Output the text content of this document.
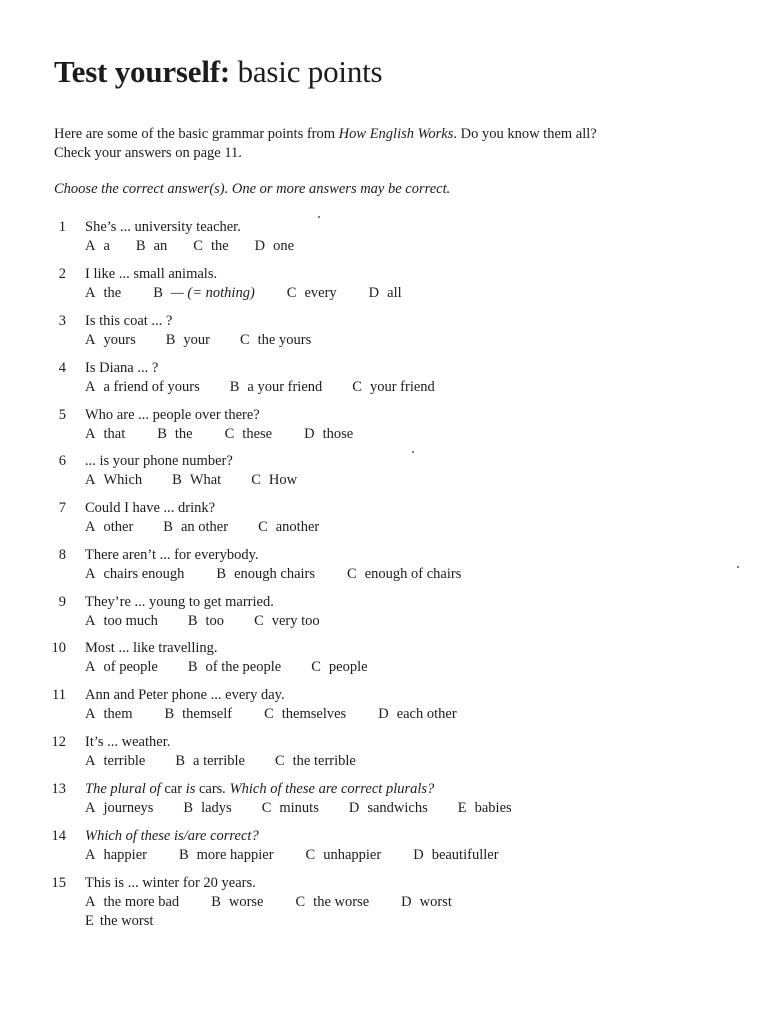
Test yourself: basic points
Here are some of the basic grammar points from How English Works. Do you know them all? Check your answers on page 11.
Choose the correct answer(s). One or more answers may be correct.
1 She’s ... university teacher.
A a B an C the D one
2 I like ... small animals.
A the B — (= nothing) C every D all
3 Is this coat ... ?
A yours B your C the yours
4 Is Diana ... ?
A a friend of yours B a your friend C your friend
5 Who are ... people over there?
A that B the C these D those
6 ... is your phone number?
A Which B What C How
7 Could I have ... drink?
A other B an other C another
8 There aren’t ... for everybody.
A chairs enough B enough chairs C enough of chairs
9 They’re ... young to get married.
A too much B too C very too
10 Most ... like travelling.
A of people B of the people C people
11 Ann and Peter phone ... every day.
A them B themself C themselves D each other
12 It’s ... weather.
A terrible B a terrible C the terrible
13 The plural of car is cars. Which of these are correct plurals?
A journeys B ladys C minuts D sandwichs E babies
14 Which of these is/are correct?
A happier B more happier C unhappier D beautifuller
15 This is ... winter for 20 years.
A the more bad B worse C the worse D worst
E the worst
